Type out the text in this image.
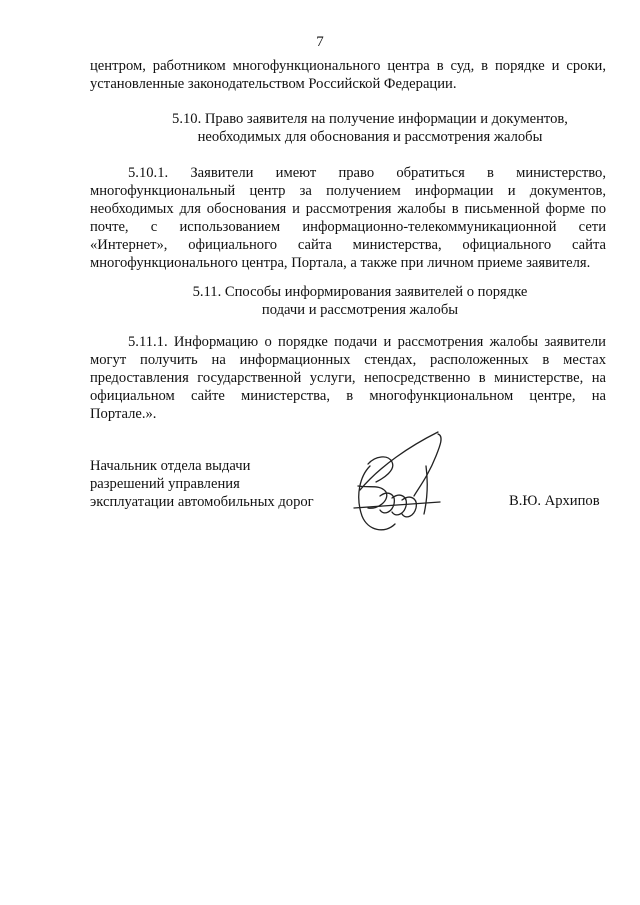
7
центром, работником многофункционального центра в суд, в порядке и сроки,
установленные законодательством Российской Федерации.
5.10. Право заявителя на получение информации и документов,
необходимых для обоснования и рассмотрения жалобы
5.10.1. Заявители имеют право обратиться в министерство,
многофункциональный центр за получением информации и документов,
необходимых для обоснования и рассмотрения жалобы в письменной форме по
почте, с использованием информационно-телекоммуникационной сети
«Интернет», официального сайта министерства, официального сайта
многофункционального центра, Портала, а также при личном приеме заявителя.
5.11. Способы информирования заявителей о порядке
подачи и рассмотрения жалобы
5.11.1. Информацию о порядке подачи и рассмотрения жалобы заявители
могут получить на информационных стендах, расположенных в местах
предоставления государственной услуги, непосредственно в министерстве, на
официальном сайте министерства, в многофункциональном центре, на
Портале.».
Начальник отдела выдачи
разрешений управления
эксплуатации автомобильных дорог	В.Ю. Архипов
